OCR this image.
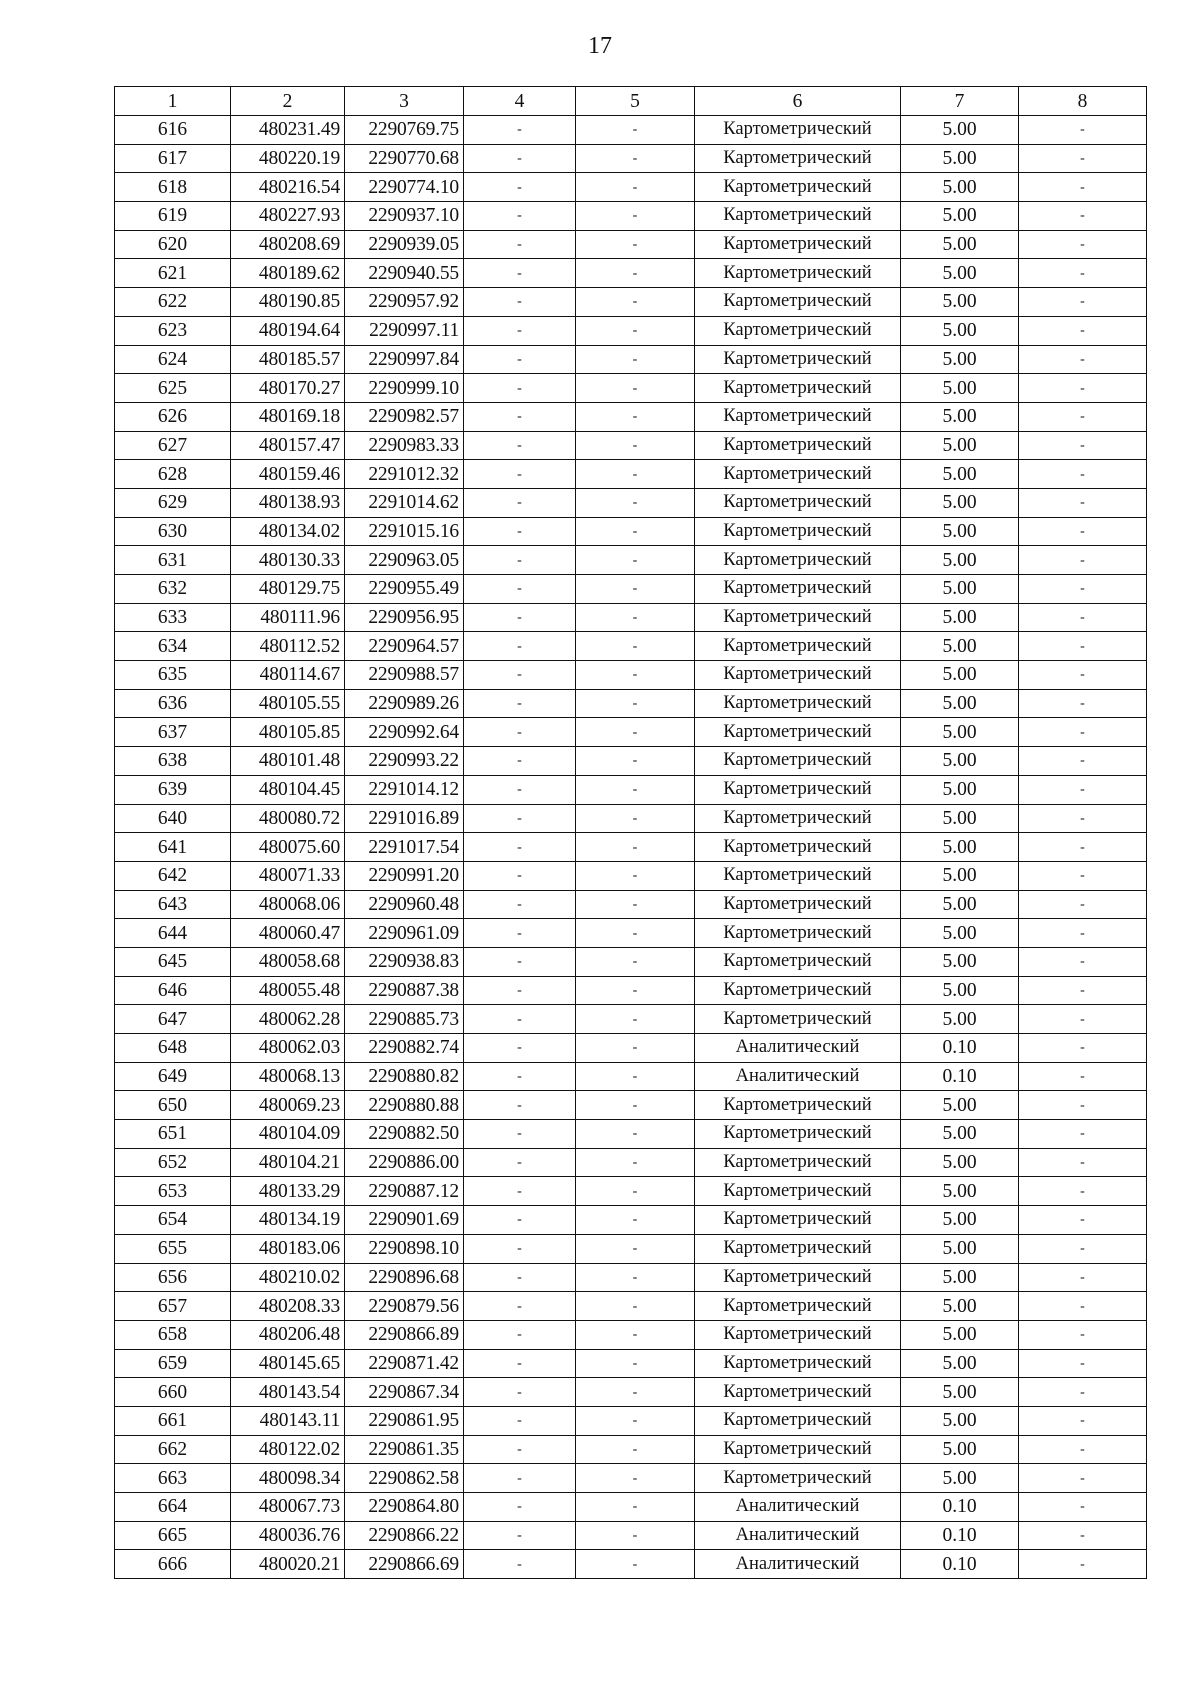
17
1	2	3	4	5	6	7	8
616	480231.49	2290769.75	-	-	Картометрический	5.00	-
617	480220.19	2290770.68	-	-	Картометрический	5.00	-
618	480216.54	2290774.10	-	-	Картометрический	5.00	-
619	480227.93	2290937.10	-	-	Картометрический	5.00	-
620	480208.69	2290939.05	-	-	Картометрический	5.00	-
621	480189.62	2290940.55	-	-	Картометрический	5.00	-
622	480190.85	2290957.92	-	-	Картометрический	5.00	-
623	480194.64	2290997.11	-	-	Картометрический	5.00	-
624	480185.57	2290997.84	-	-	Картометрический	5.00	-
625	480170.27	2290999.10	-	-	Картометрический	5.00	-
626	480169.18	2290982.57	-	-	Картометрический	5.00	-
627	480157.47	2290983.33	-	-	Картометрический	5.00	-
628	480159.46	2291012.32	-	-	Картометрический	5.00	-
629	480138.93	2291014.62	-	-	Картометрический	5.00	-
630	480134.02	2291015.16	-	-	Картометрический	5.00	-
631	480130.33	2290963.05	-	-	Картометрический	5.00	-
632	480129.75	2290955.49	-	-	Картометрический	5.00	-
633	480111.96	2290956.95	-	-	Картометрический	5.00	-
634	480112.52	2290964.57	-	-	Картометрический	5.00	-
635	480114.67	2290988.57	-	-	Картометрический	5.00	-
636	480105.55	2290989.26	-	-	Картометрический	5.00	-
637	480105.85	2290992.64	-	-	Картометрический	5.00	-
638	480101.48	2290993.22	-	-	Картометрический	5.00	-
639	480104.45	2291014.12	-	-	Картометрический	5.00	-
640	480080.72	2291016.89	-	-	Картометрический	5.00	-
641	480075.60	2291017.54	-	-	Картометрический	5.00	-
642	480071.33	2290991.20	-	-	Картометрический	5.00	-
643	480068.06	2290960.48	-	-	Картометрический	5.00	-
644	480060.47	2290961.09	-	-	Картометрический	5.00	-
645	480058.68	2290938.83	-	-	Картометрический	5.00	-
646	480055.48	2290887.38	-	-	Картометрический	5.00	-
647	480062.28	2290885.73	-	-	Картометрический	5.00	-
648	480062.03	2290882.74	-	-	Аналитический	0.10	-
649	480068.13	2290880.82	-	-	Аналитический	0.10	-
650	480069.23	2290880.88	-	-	Картометрический	5.00	-
651	480104.09	2290882.50	-	-	Картометрический	5.00	-
652	480104.21	2290886.00	-	-	Картометрический	5.00	-
653	480133.29	2290887.12	-	-	Картометрический	5.00	-
654	480134.19	2290901.69	-	-	Картометрический	5.00	-
655	480183.06	2290898.10	-	-	Картометрический	5.00	-
656	480210.02	2290896.68	-	-	Картометрический	5.00	-
657	480208.33	2290879.56	-	-	Картометрический	5.00	-
658	480206.48	2290866.89	-	-	Картометрический	5.00	-
659	480145.65	2290871.42	-	-	Картометрический	5.00	-
660	480143.54	2290867.34	-	-	Картометрический	5.00	-
661	480143.11	2290861.95	-	-	Картометрический	5.00	-
662	480122.02	2290861.35	-	-	Картометрический	5.00	-
663	480098.34	2290862.58	-	-	Картометрический	5.00	-
664	480067.73	2290864.80	-	-	Аналитический	0.10	-
665	480036.76	2290866.22	-	-	Аналитический	0.10	-
666	480020.21	2290866.69	-	-	Аналитический	0.10	-
